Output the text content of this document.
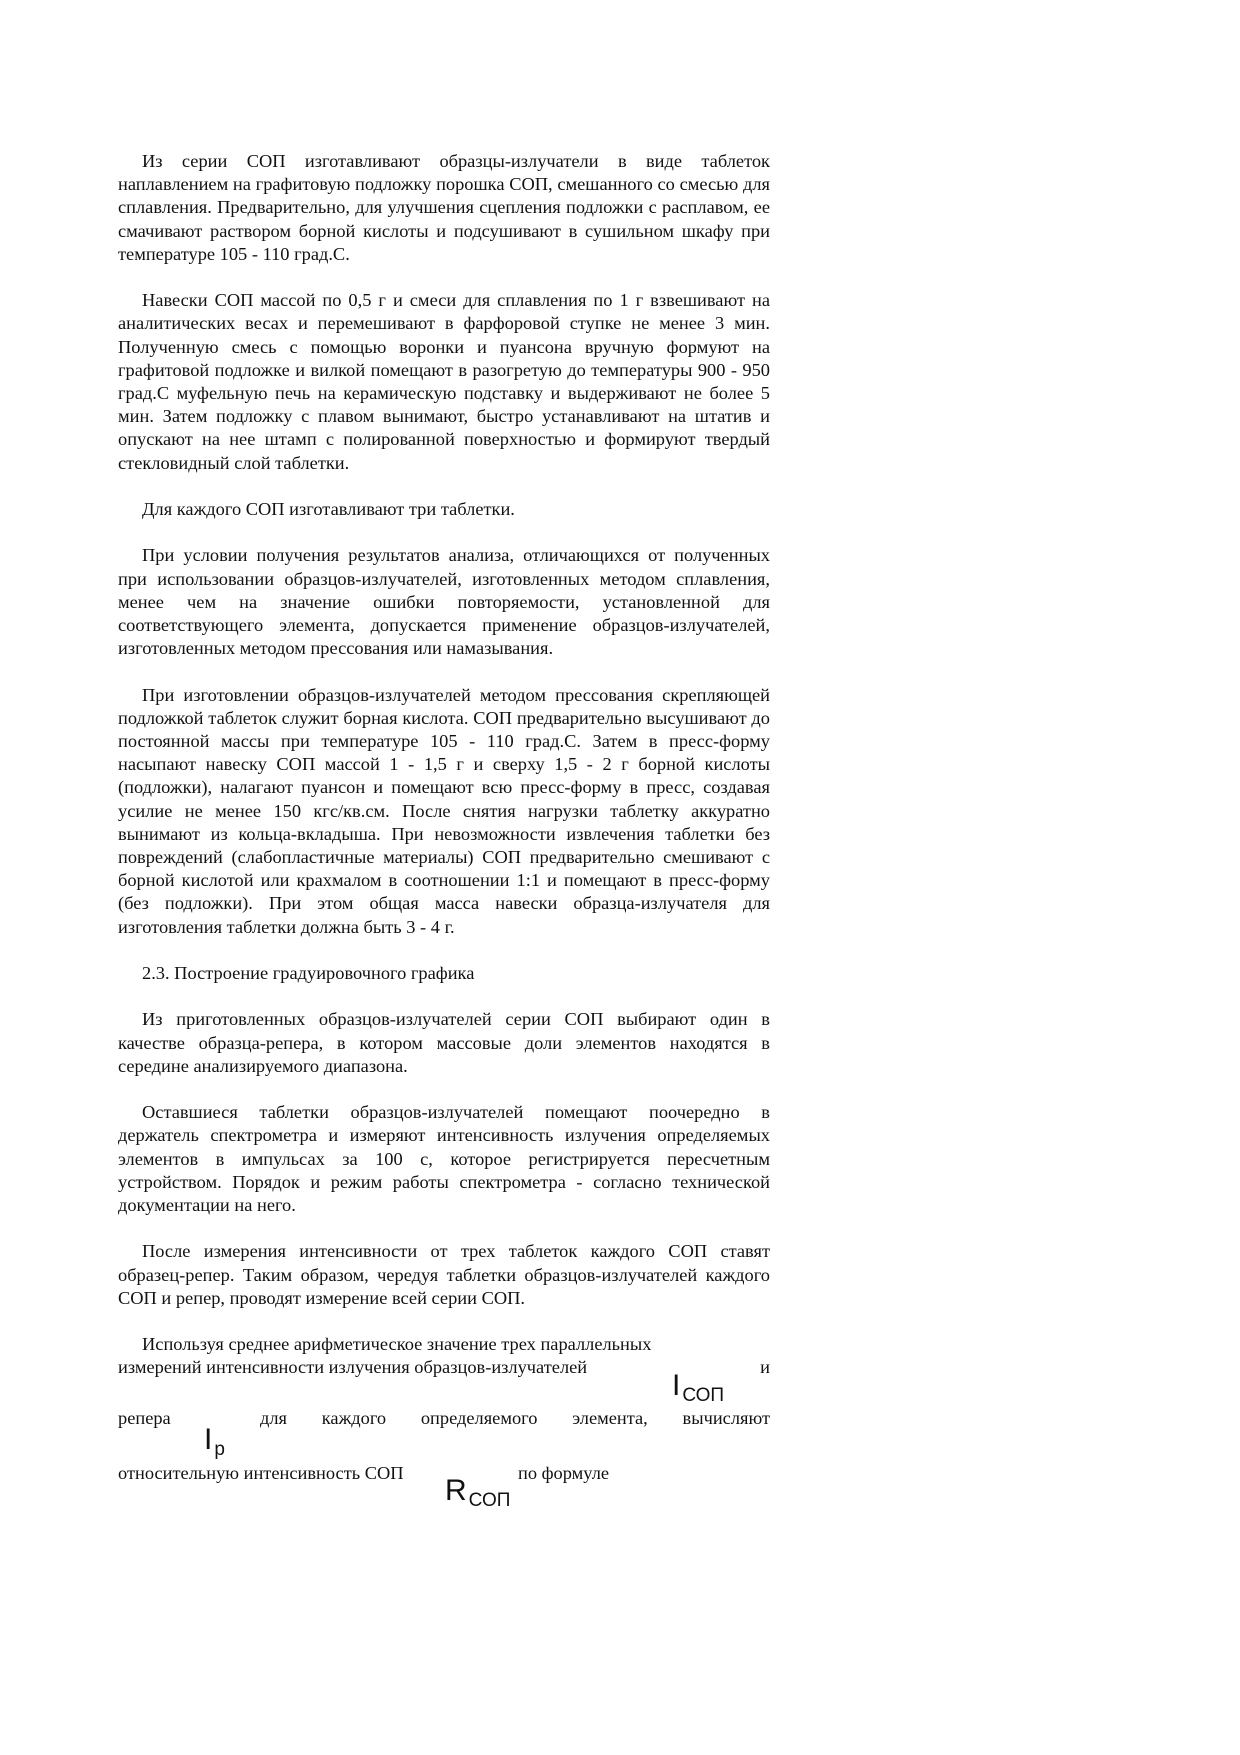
Из серии СОП изготавливают образцы-излучатели в виде таблеток наплавлением на графитовую подложку порошка СОП, смешанного со смесью для сплавления. Предварительно, для улучшения сцепления подложки с расплавом, ее смачивают раствором борной кислоты и подсушивают в сушильном шкафу при температуре 105 - 110 град.С.

Навески СОП массой по 0,5 г и смеси для сплавления по 1 г взвешивают на аналитических весах и перемешивают в фарфоровой ступке не менее 3 мин. Полученную смесь с помощью воронки и пуансона вручную формуют на графитовой подложке и вилкой помещают в разогретую до температуры 900 - 950 град.С муфельную печь на керамическую подставку и выдерживают не более 5 мин. Затем подложку с плавом вынимают, быстро устанавливают на штатив и опускают на нее штамп с полированной поверхностью и формируют твердый стекловидный слой таблетки.

Для каждого СОП изготавливают три таблетки.

При условии получения результатов анализа, отличающихся от полученных при использовании образцов-излучателей, изготовленных методом сплавления, менее чем на значение ошибки повторяемости, установленной для соответствующего элемента, допускается применение образцов-излучателей, изготовленных методом прессования или намазывания.

При изготовлении образцов-излучателей методом прессования скрепляющей подложкой таблеток служит борная кислота. СОП предварительно высушивают до постоянной массы при температуре 105 - 110 град.С. Затем в пресс-форму насыпают навеску СОП массой 1 - 1,5 г и сверху 1,5 - 2 г борной кислоты (подложки), налагают пуансон и помещают всю пресс-форму в пресс, создавая усилие не менее 150 кгс/кв.см. После снятия нагрузки таблетку аккуратно вынимают из кольца-вкладыша. При невозможности извлечения таблетки без повреждений (слабопластичные материалы) СОП предварительно смешивают с борной кислотой или крахмалом в соотношении 1:1 и помещают в пресс-форму (без подложки). При этом общая масса навески образца-излучателя для изготовления таблетки должна быть 3 - 4 г.

2.3. Построение градуировочного графика

Из приготовленных образцов-излучателей серии СОП выбирают один в качестве образца-репера, в котором массовые доли элементов находятся в середине анализируемого диапазона.

Оставшиеся таблетки образцов-излучателей помещают поочередно в держатель спектрометра и измеряют интенсивность излучения определяемых элементов в импульсах за 100 с, которое регистрируется пересчетным устройством. Порядок и режим работы спектрометра - согласно технической документации на него.

После измерения интенсивности от трех таблеток каждого СОП ставят образец-репер. Таким образом, чередуя таблетки образцов-излучателей каждого СОП и репер, проводят измерение всей серии СОП.

Используя среднее арифметическое значение трех параллельных
измерений интенсивности излучения образцов-излучателей	и
IСОП
репера	для каждого определяемого элемента, вычисляют
Iр
относительную интенсивность СОП	по формуле
RСОП
